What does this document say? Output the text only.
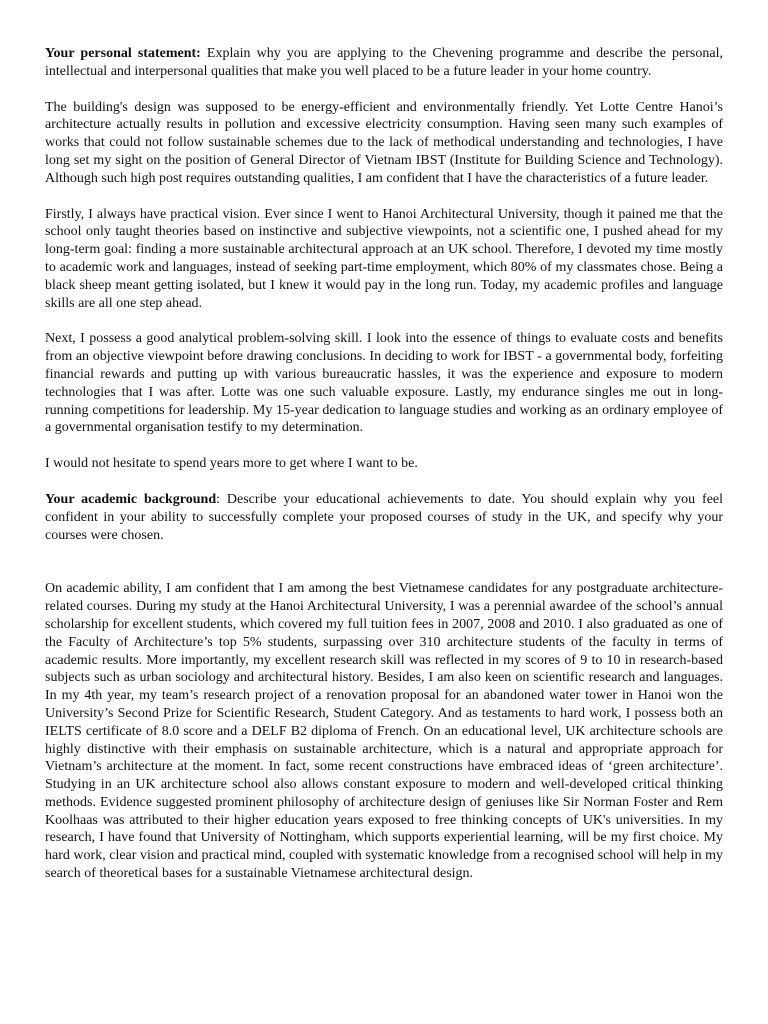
Your personal statement: Explain why you are applying to the Chevening programme and describe the personal, intellectual and interpersonal qualities that make you well placed to be a future leader in your home country.

The building's design was supposed to be energy-efficient and environmentally friendly. Yet Lotte Centre Hanoi’s architecture actually results in pollution and excessive electricity consumption. Having seen many such examples of works that could not follow sustainable schemes due to the lack of methodical understanding and technologies, I have long set my sight on the position of General Director of Vietnam IBST (Institute for Building Science and Technology). Although such high post requires outstanding qualities, I am confident that I have the characteristics of a future leader.

Firstly, I always have practical vision. Ever since I went to Hanoi Architectural University, though it pained me that the school only taught theories based on instinctive and subjective viewpoints, not a scientific one, I pushed ahead for my long-term goal: finding a more sustainable architectural approach at an UK school. Therefore, I devoted my time mostly to academic work and languages, instead of seeking part-time employment, which 80% of my classmates chose. Being a black sheep meant getting isolated, but I knew it would pay in the long run. Today, my academic profiles and language skills are all one step ahead.

Next, I possess a good analytical problem-solving skill. I look into the essence of things to evaluate costs and benefits from an objective viewpoint before drawing conclusions. In deciding to work for IBST - a governmental body, forfeiting financial rewards and putting up with various bureaucratic hassles, it was the experience and exposure to modern technologies that I was after. Lotte was one such valuable exposure. Lastly, my endurance singles me out in long-running competitions for leadership. My 15-year dedication to language studies and working as an ordinary employee of a governmental organisation testify to my determination.

I would not hesitate to spend years more to get where I want to be.

Your academic background: Describe your educational achievements to date. You should explain why you feel confident in your ability to successfully complete your proposed courses of study in the UK, and specify why your courses were chosen.

On academic ability, I am confident that I am among the best Vietnamese candidates for any postgraduate architecture-related courses. During my study at the Hanoi Architectural University, I was a perennial awardee of the school’s annual scholarship for excellent students, which covered my full tuition fees in 2007, 2008 and 2010. I also graduated as one of the Faculty of Architecture’s top 5% students, surpassing over 310 architecture students of the faculty in terms of academic results. More importantly, my excellent research skill was reflected in my scores of 9 to 10 in research-based subjects such as urban sociology and architectural history. Besides, I am also keen on scientific research and languages. In my 4th year, my team’s research project of a renovation proposal for an abandoned water tower in Hanoi won the University’s Second Prize for Scientific Research, Student Category. And as testaments to hard work, I possess both an IELTS certificate of 8.0 score and a DELF B2 diploma of French. On an educational level, UK architecture schools are highly distinctive with their emphasis on sustainable architecture, which is a natural and appropriate approach for Vietnam’s architecture at the moment. In fact, some recent constructions have embraced ideas of ‘green architecture’. Studying in an UK architecture school also allows constant exposure to modern and well-developed critical thinking methods. Evidence suggested prominent philosophy of architecture design of geniuses like Sir Norman Foster and Rem Koolhaas was attributed to their higher education years exposed to free thinking concepts of UK's universities. In my research, I have found that University of Nottingham, which supports experiential learning, will be my first choice. My hard work, clear vision and practical mind, coupled with systematic knowledge from a recognised school will help in my search of theoretical bases for a sustainable Vietnamese architectural design.
